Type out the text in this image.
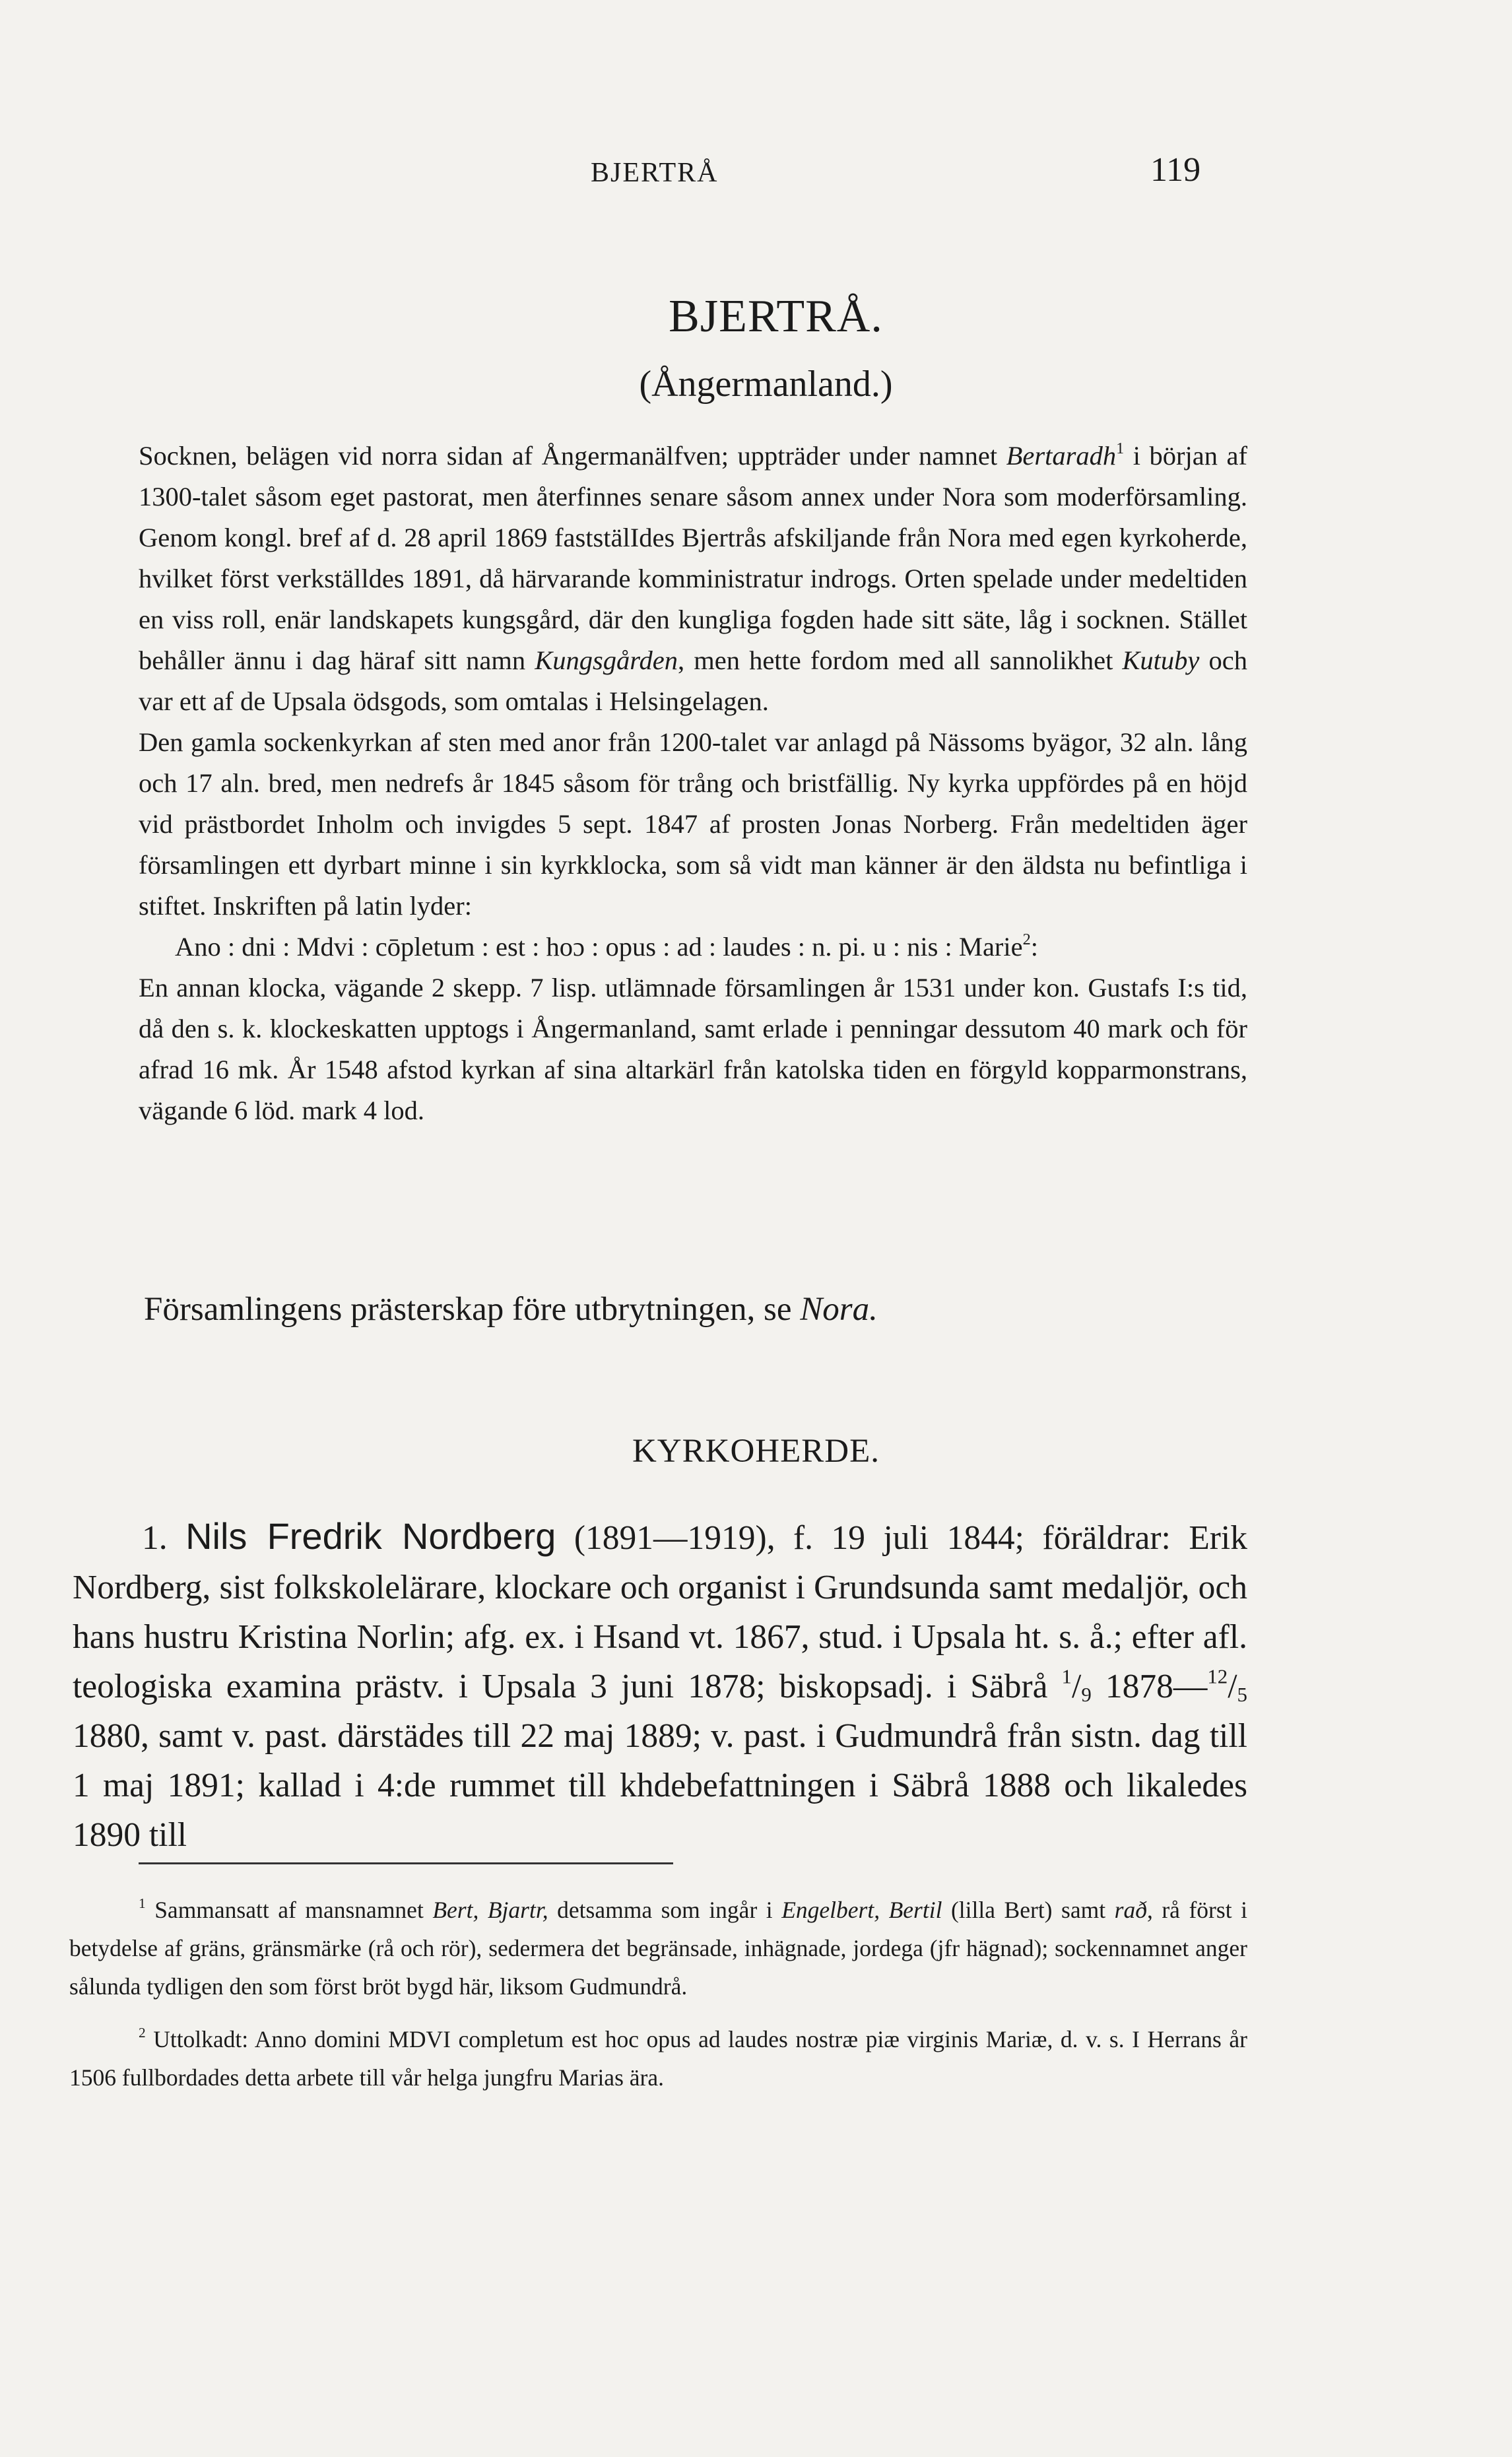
BJERTRÅ	119
BJERTRÅ.
(Ångermanland.)

Socknen, belägen vid norra sidan af Ångermanälfven; uppträder under namnet Bertaradh$^1$ i början af 1300-talet såsom eget pastorat, men återfinnes senare såsom annex under Nora som moderförsamling. Genom kongl. bref af d. 28 april 1869 faststälIdes Bjertrås afskiljande från Nora med egen kyrkoherde, hvilket först verkställdes 1891, då härvarande komministratur indrogs. Orten spelade under medeltiden en viss roll, enär landskapets kungsgård, där den kungliga fogden hade sitt säte, låg i socknen. Stället behåller ännu i dag häraf sitt namn Kungsgården, men hette fordom med all sannolikhet Kutuby och var ett af de Upsala ödsgods, som omtalas i Helsingelagen.

Den gamla sockenkyrkan af sten med anor från 1200-talet var anlagd på Nässoms byägor, 32 aln. lång och 17 aln. bred, men nedrefs år 1845 såsom för trång och bristfällig. Ny kyrka uppfördes på en höjd vid prästbordet Inholm och invigdes 5 sept. 1847 af prosten Jonas Norberg. Från medeltiden äger församlingen ett dyrbart minne i sin kyrkklocka, som så vidt man känner är den äldsta nu befintliga i stiftet. Inskriften på latin lyder:

Ano : dni : Mdvi : cōpletum : est : hoɔ : opus : ad : laudes : n. pi. u : nis : Marie$^2$:

En annan klocka, vägande 2 skepp. 7 lisp. utlämnade församlingen år 1531 under kon. Gustafs I:s tid, då den s. k. klockeskatten upptogs i Ångermanland, samt erlade i penningar dessutom 40 mark och för afrad 16 mk. År 1548 afstod kyrkan af sina altarkärl från katolska tiden en förgyld kopparmonstrans, vägande 6 löd. mark 4 lod.

Församlingens prästerskap före utbrytningen, se Nora.
KYRKOHERDE.
1. Nils Fredrik Nordberg (1891—1919), f. 19 juli 1844; föräldrar: Erik Nordberg, sist folkskolelärare, klockare och organist i Grundsunda samt medaljör, och hans hustru Kristina Norlin; afg. ex. i Hsand vt. 1867, stud. i Upsala ht. s. å.; efter afl. teologiska examina prästv. i Upsala 3 juni 1878; biskopsadj. i Säbrå $^1/_9$ $1878—^{12}/_5$ 1880, samt v. past. därstädes till 22 maj 1889; v. past. i Gudmundrå från sistn. dag till 1 maj 1891; kallad i 4:de rummet till khdebefattningen i Säbrå 1888 och likaledes 1890 till

$^1$ Sammansatt af mansnamnet Bert, Bjartr, detsamma som ingår i Engelbert, Bertil (lilla Bert) samt rað, rå först i betydelse af gräns, gränsmärke (rå och rör), sedermera det begränsade, inhägnade, jordega (jfr hägnad); sockennamnet anger sålunda tydligen den som först bröt bygd här, liksom Gudmundrå.

$^2$ Uttolkadt: Anno domini MDVI completum est hoc opus ad laudes nostræ piæ virginis Mariæ, d. v. s. I Herrans år 1506 fullbordades detta arbete till vår helga jungfru Marias ära.
